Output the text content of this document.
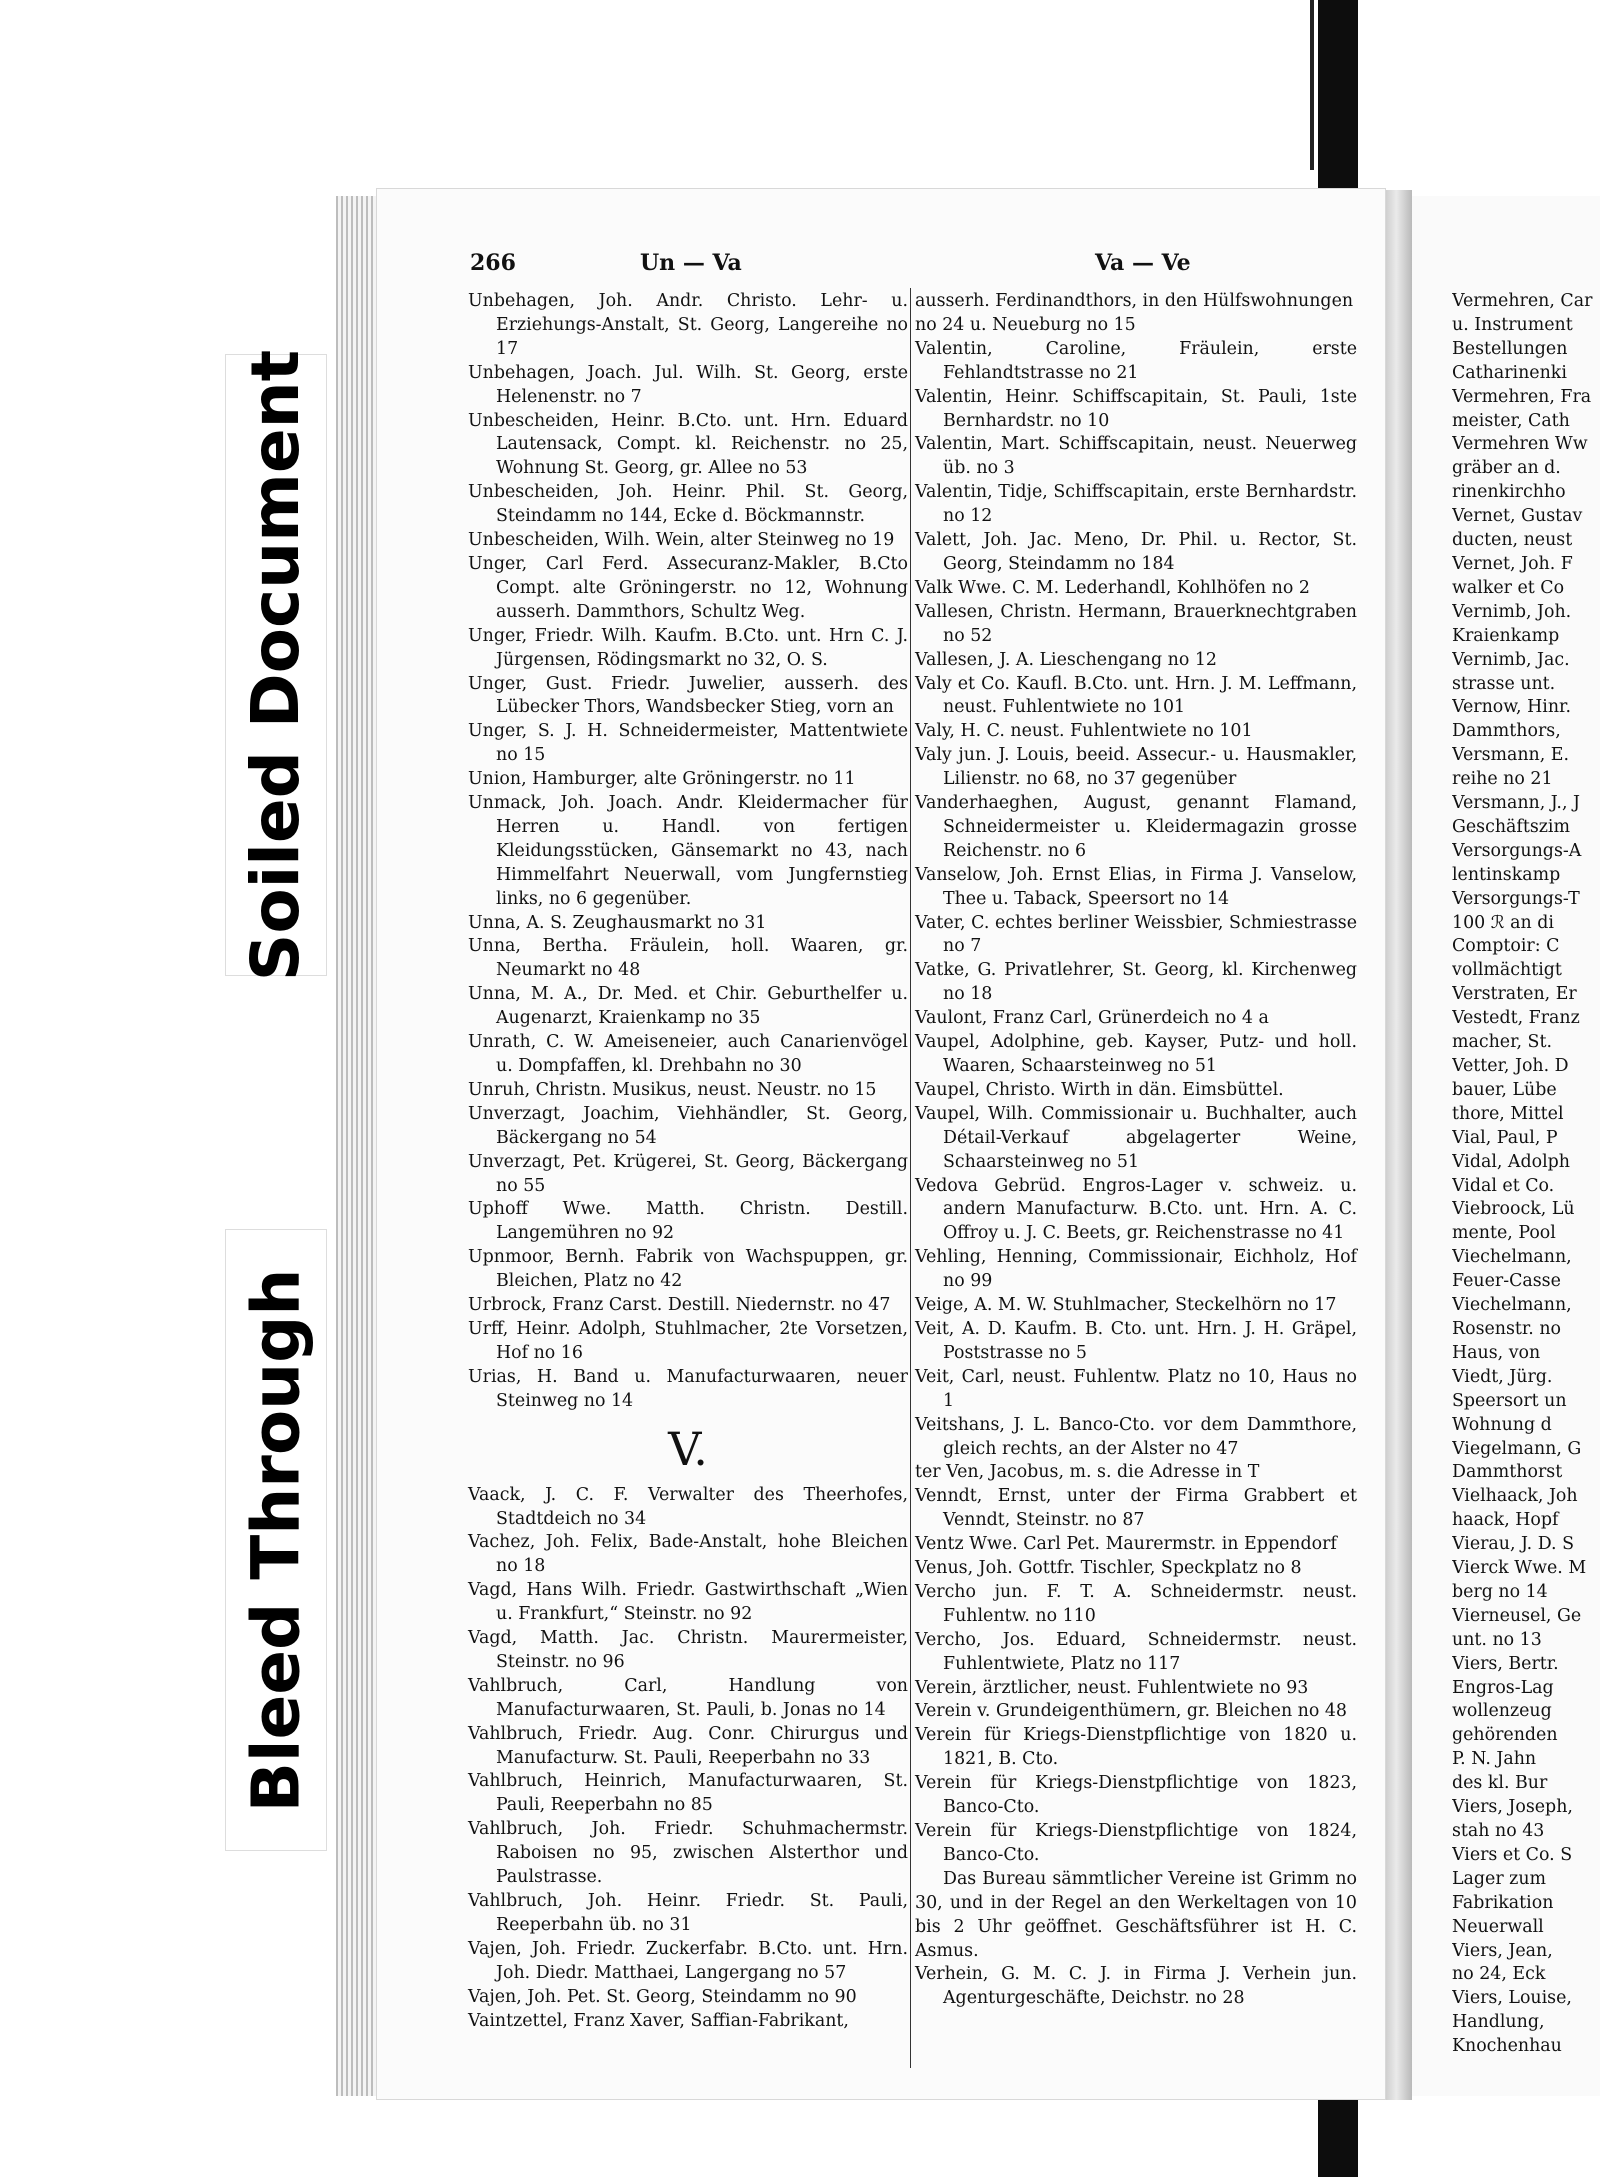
Soiled Document
Bleed Through
266	Un — Va	Va — Ve
Unbehagen, Joh. Andr. Christo. Lehr- u. Erziehungs-Anstalt, St. Georg, Langereihe no 17
Unbehagen, Joach. Jul. Wilh. St. Georg, erste Helenenstr. no 7
Unbescheiden, Heinr. B.Cto. unt. Hrn. Eduard Lautensack, Compt. kl. Reichenstr. no 25, Wohnung St. Georg, gr. Allee no 53
Unbescheiden, Joh. Heinr. Phil. St. Georg, Steindamm no 144, Ecke d. Böckmannstr.
Unbescheiden, Wilh. Wein, alter Steinweg no 19
Unger, Carl Ferd. Assecuranz-Makler, B.Cto Compt. alte Gröningerstr. no 12, Wohnung ausserh. Dammthors, Schultz Weg.
Unger, Friedr. Wilh. Kaufm. B.Cto. unt. Hrn C. J. Jürgensen, Rödingsmarkt no 32, O. S.
Unger, Gust. Friedr. Juwelier, ausserh. des Lübecker Thors, Wandsbecker Stieg, vorn an
Unger, S. J. H. Schneidermeister, Mattentwiete no 15
Union, Hamburger, alte Gröningerstr. no 11
Unmack, Joh. Joach. Andr. Kleidermacher für Herren u. Handl. von fertigen Kleidungsstücken, Gänsemarkt no 43, nach Himmelfahrt Neuerwall, vom Jungfernstieg links, no 6 gegenüber.
Unna, A. S. Zeughausmarkt no 31
Unna, Bertha. Fräulein, holl. Waaren, gr. Neumarkt no 48
Unna, M. A., Dr. Med. et Chir. Geburthelfer u. Augenarzt, Kraienkamp no 35
Unrath, C. W. Ameiseneier, auch Canarienvögel u. Dompfaffen, kl. Drehbahn no 30
Unruh, Christn. Musikus, neust. Neustr. no 15
Unverzagt, Joachim, Viehhändler, St. Georg, Bäckergang no 54
Unverzagt, Pet. Krügerei, St. Georg, Bäckergang no 55
Uphoff Wwe. Matth. Christn. Destill. Langemühren no 92
Upnmoor, Bernh. Fabrik von Wachspuppen, gr. Bleichen, Platz no 42
Urbrock, Franz Carst. Destill. Niedernstr. no 47
Urff, Heinr. Adolph, Stuhlmacher, 2te Vorsetzen, Hof no 16
Urias, H. Band u. Manufacturwaaren, neuer Steinweg no 14
V.
Vaack, J. C. F. Verwalter des Theerhofes, Stadtdeich no 34
Vachez, Joh. Felix, Bade-Anstalt, hohe Bleichen no 18
Vagd, Hans Wilh. Friedr. Gastwirthschaft „Wien u. Frankfurt,“ Steinstr. no 92
Vagd, Matth. Jac. Christn. Maurermeister, Steinstr. no 96
Vahlbruch, Carl, Handlung von Manufacturwaaren, St. Pauli, b. Jonas no 14
Vahlbruch, Friedr. Aug. Conr. Chirurgus und Manufacturw. St. Pauli, Reeperbahn no 33
Vahlbruch, Heinrich, Manufacturwaaren, St. Pauli, Reeperbahn no 85
Vahlbruch, Joh. Friedr. Schuhmachermstr. Raboisen no 95, zwischen Alsterthor und Paulstrasse.
Vahlbruch, Joh. Heinr. Friedr. St. Pauli, Reeperbahn üb. no 31
Vajen, Joh. Friedr. Zuckerfabr. B.Cto. unt. Hrn. Joh. Diedr. Matthaei, Langergang no 57
Vajen, Joh. Pet. St. Georg, Steindamm no 90
Vaintzettel, Franz Xaver, Saffian-Fabrikant,
ausserh. Ferdinandthors, in den Hülfswohnungen no 24 u. Neueburg no 15
Valentin, Caroline, Fräulein, erste Fehlandtstrasse no 21
Valentin, Heinr. Schiffscapitain, St. Pauli, 1ste Bernhardstr. no 10
Valentin, Mart. Schiffscapitain, neust. Neuerweg üb. no 3
Valentin, Tidje, Schiffscapitain, erste Bernhardstr. no 12
Valett, Joh. Jac. Meno, Dr. Phil. u. Rector, St. Georg, Steindamm no 184
Valk Wwe. C. M. Lederhandl, Kohlhöfen no 2
Vallesen, Christn. Hermann, Brauerknechtgraben no 52
Vallesen, J. A. Lieschengang no 12
Valy et Co. Kaufl. B.Cto. unt. Hrn. J. M. Leffmann, neust. Fuhlentwiete no 101
Valy, H. C. neust. Fuhlentwiete no 101
Valy jun. J. Louis, beeid. Assecur.- u. Hausmakler, Lilienstr. no 68, no 37 gegenüber
Vanderhaeghen, August, genannt Flamand, Schneidermeister u. Kleidermagazin grosse Reichenstr. no 6
Vanselow, Joh. Ernst Elias, in Firma J. Vanselow, Thee u. Taback, Speersort no 14
Vater, C. echtes berliner Weissbier, Schmiestrasse no 7
Vatke, G. Privatlehrer, St. Georg, kl. Kirchenweg no 18
Vaulont, Franz Carl, Grünerdeich no 4 a
Vaupel, Adolphine, geb. Kayser, Putz- und holl. Waaren, Schaarsteinweg no 51
Vaupel, Christo. Wirth in dän. Eimsbüttel.
Vaupel, Wilh. Commissionair u. Buchhalter, auch Détail-Verkauf abgelagerter Weine, Schaarsteinweg no 51
Vedova Gebrüd. Engros-Lager v. schweiz. u. andern Manufacturw. B.Cto. unt. Hrn. A. C. Offroy u. J. C. Beets, gr. Reichenstrasse no 41
Vehling, Henning, Commissionair, Eichholz, Hof no 99
Veige, A. M. W. Stuhlmacher, Steckelhörn no 17
Veit, A. D. Kaufm. B. Cto. unt. Hrn. J. H. Gräpel, Poststrasse no 5
Veit, Carl, neust. Fuhlentw. Platz no 10, Haus no 1
Veitshans, J. L. Banco-Cto. vor dem Dammthore, gleich rechts, an der Alster no 47
ter Ven, Jacobus, m. s. die Adresse in T
Venndt, Ernst, unter der Firma Grabbert et Venndt, Steinstr. no 87
Ventz Wwe. Carl Pet. Maurermstr. in Eppendorf
Venus, Joh. Gottfr. Tischler, Speckplatz no 8
Vercho jun. F. T. A. Schneidermstr. neust. Fuhlentw. no 110
Vercho, Jos. Eduard, Schneidermstr. neust. Fuhlentwiete, Platz no 117
Verein, ärztlicher, neust. Fuhlentwiete no 93
Verein v. Grundeigenthümern, gr. Bleichen no 48
Verein für Kriegs-Dienstpflichtige von 1820 u. 1821, B. Cto.
Verein für Kriegs-Dienstpflichtige von 1823, Banco-Cto.
Verein für Kriegs-Dienstpflichtige von 1824, Banco-Cto.
Das Bureau sämmtlicher Vereine ist Grimm no 30, und in der Regel an den Werkeltagen von 10 bis 2 Uhr geöffnet. Geschäftsführer ist H. C. Asmus.
Verhein, G. M. C. J. in Firma J. Verhein jun. Agenturgeschäfte, Deichstr. no 28
Vermehren, Car
u. Instrument
Bestellungen
Catharinenki
Vermehren, Fra
meister, Cath
Vermehren Ww
gräber an d.
rinenkirchho
Vernet, Gustav
ducten, neust
Vernet, Joh. F
walker et Co
Vernimb, Joh.
Kraienkamp
Vernimb, Jac.
strasse unt.
Vernow, Hinr.
Dammthors,
Versmann, E.
reihe no 21
Versmann, J., J
Geschäftszim
Versorgungs-A
lentinskamp
Versorgungs-T
100 ℛ an di
Comptoir: C
vollmächtigt
Verstraten, Er
Vestedt, Franz
macher, St.
Vetter, Joh. D
bauer, Lübe
thore, Mittel
Vial, Paul, P
Vidal, Adolph
Vidal et Co.
Viebroock, Lü
mente, Pool
Viechelmann,
Feuer-Casse
Viechelmann,
Rosenstr. no
Haus, von
Viedt, Jürg.
Speersort un
Wohnung d
Viegelmann, G
Dammthorst
Vielhaack, Joh
haack, Hopf
Vierau, J. D. S
Vierck Wwe. M
berg no 14
Vierneusel, Ge
unt. no 13
Viers, Bertr.
Engros-Lag
wollenzeug
gehörenden
P. N. Jahn
des kl. Bur
Viers, Joseph,
stah no 43
Viers et Co. S
Lager zum
Fabrikation
Neuerwall
Viers, Jean,
no 24, Eck
Viers, Louise,
Handlung,
Knochenhau
